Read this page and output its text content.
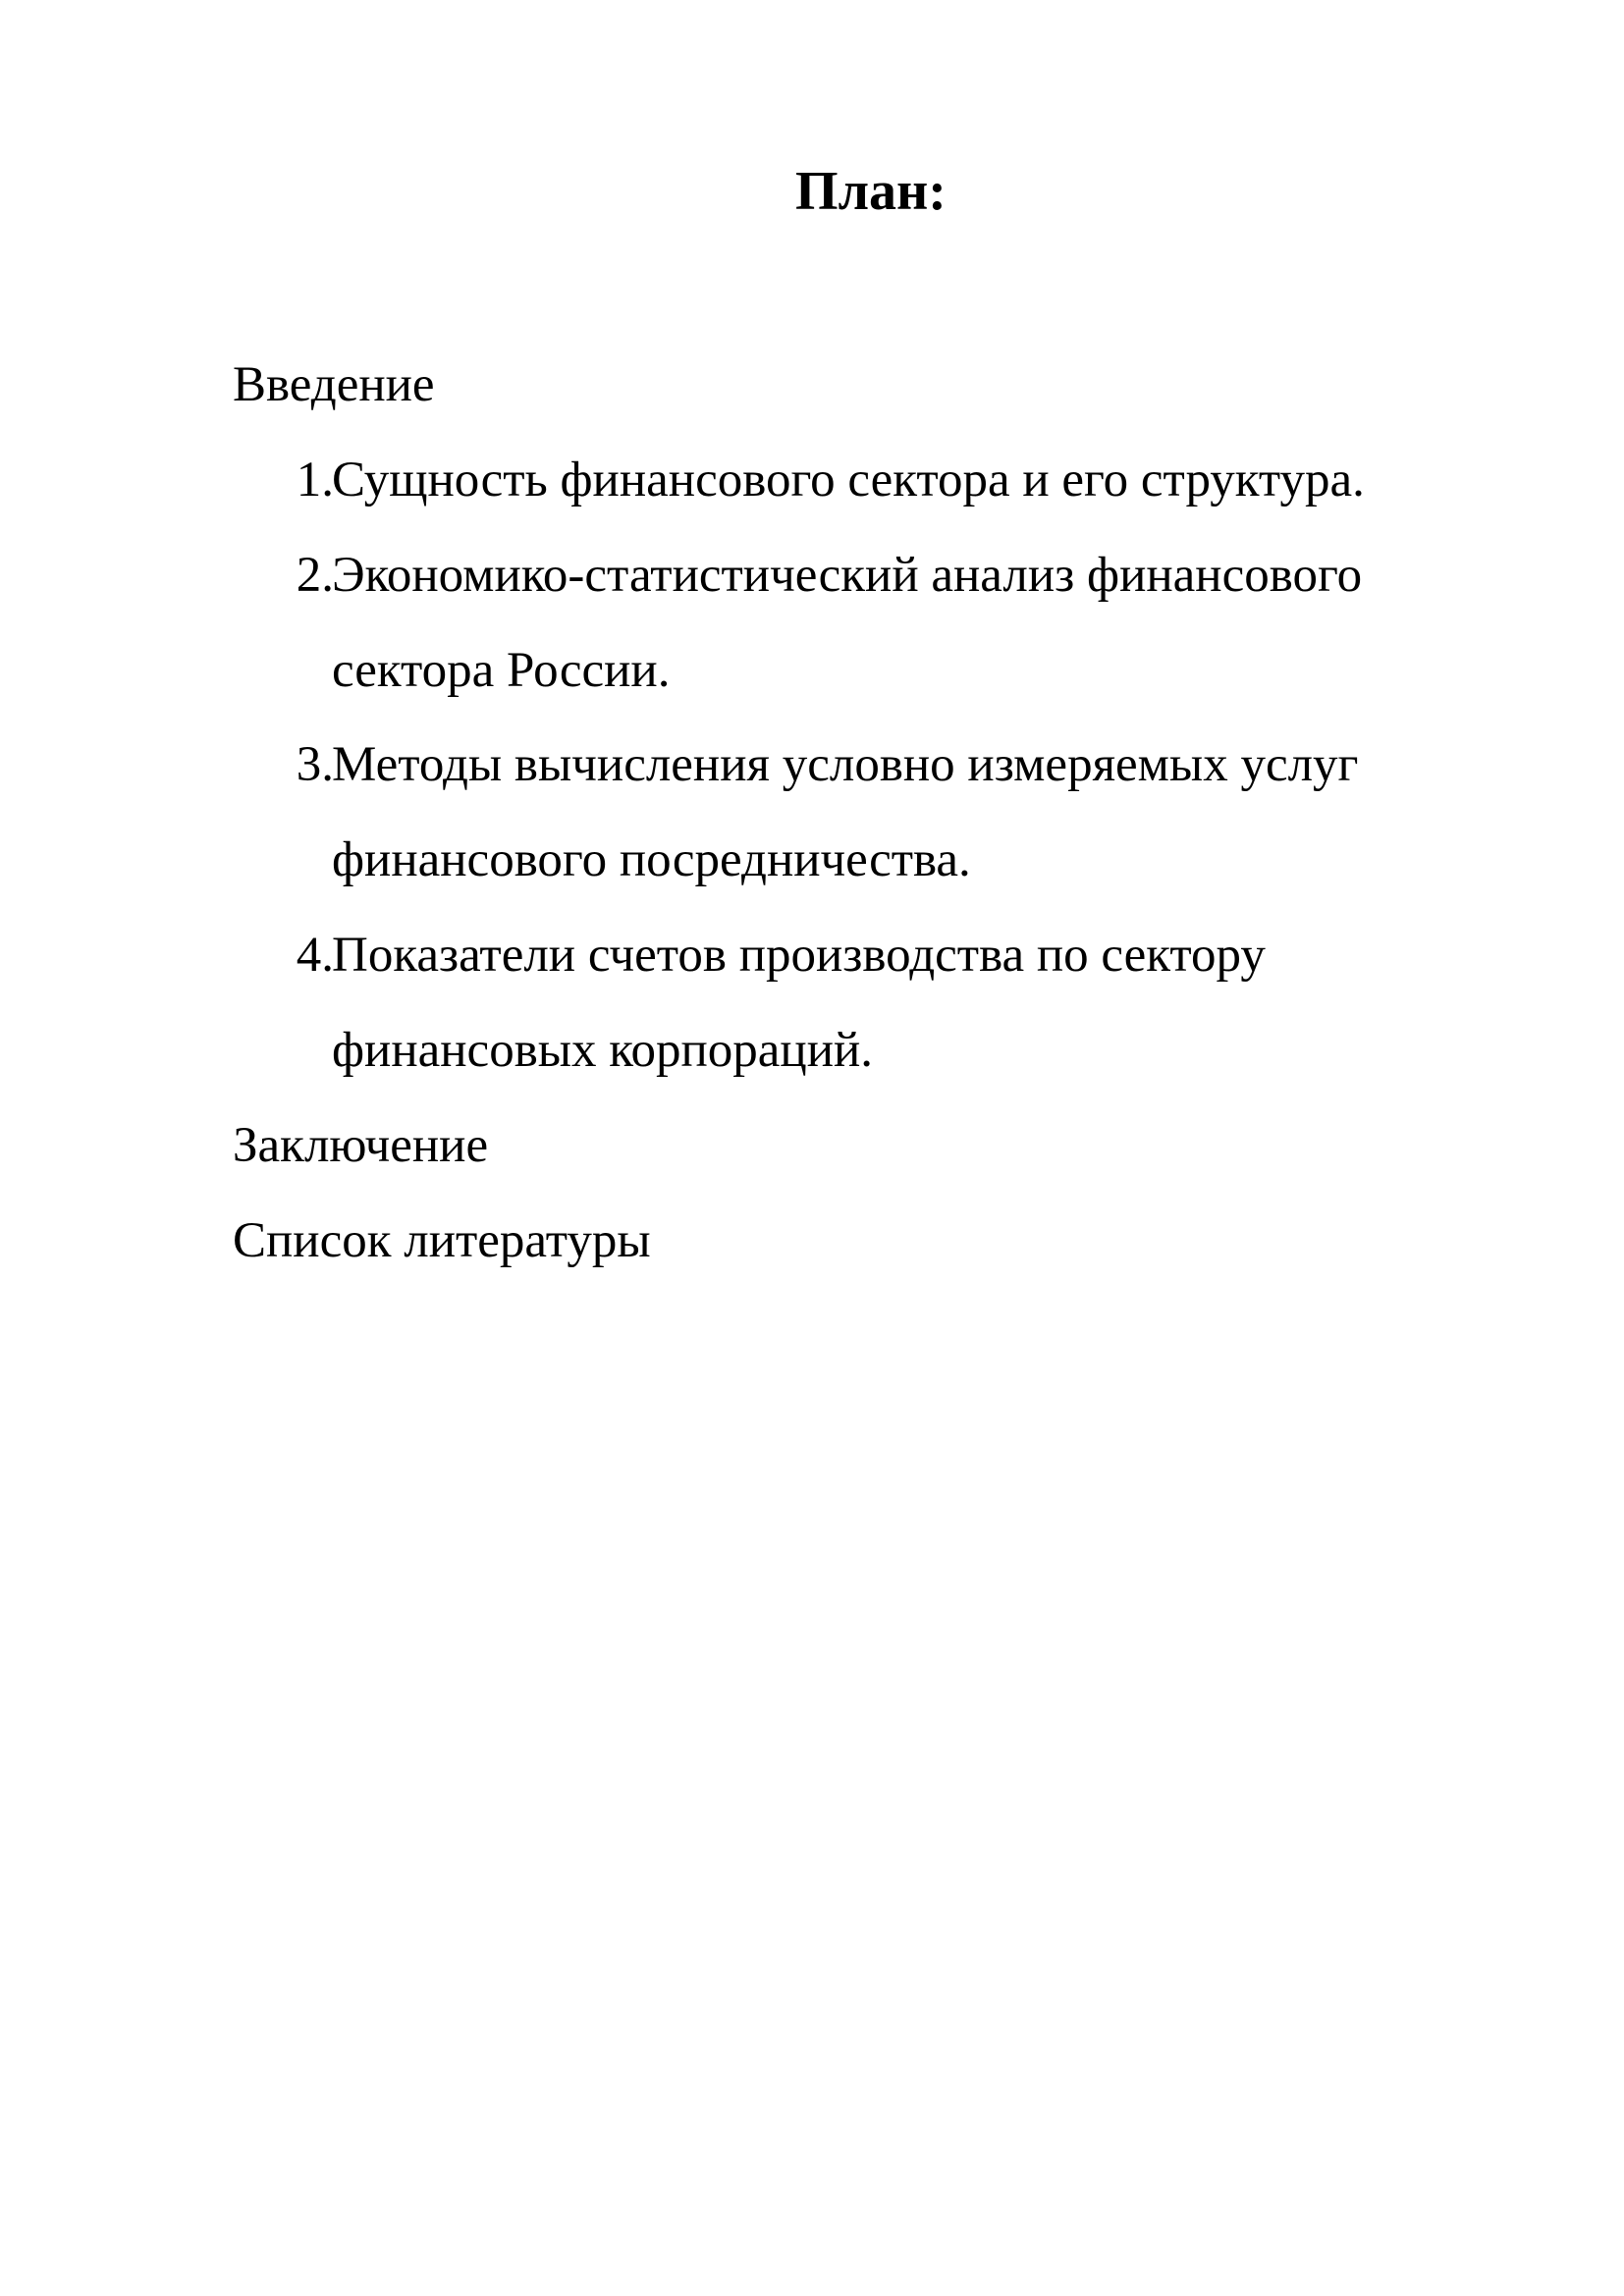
План:
Введение
1.
Сущность финансового сектора и его структура.
2.
Экономико-статистический анализ финансового
сектора России.
3.
Методы вычисления условно измеряемых услуг
финансового посредничества.
4.
Показатели счетов производства по сектору
финансовых корпораций.
Заключение
Список литературы
